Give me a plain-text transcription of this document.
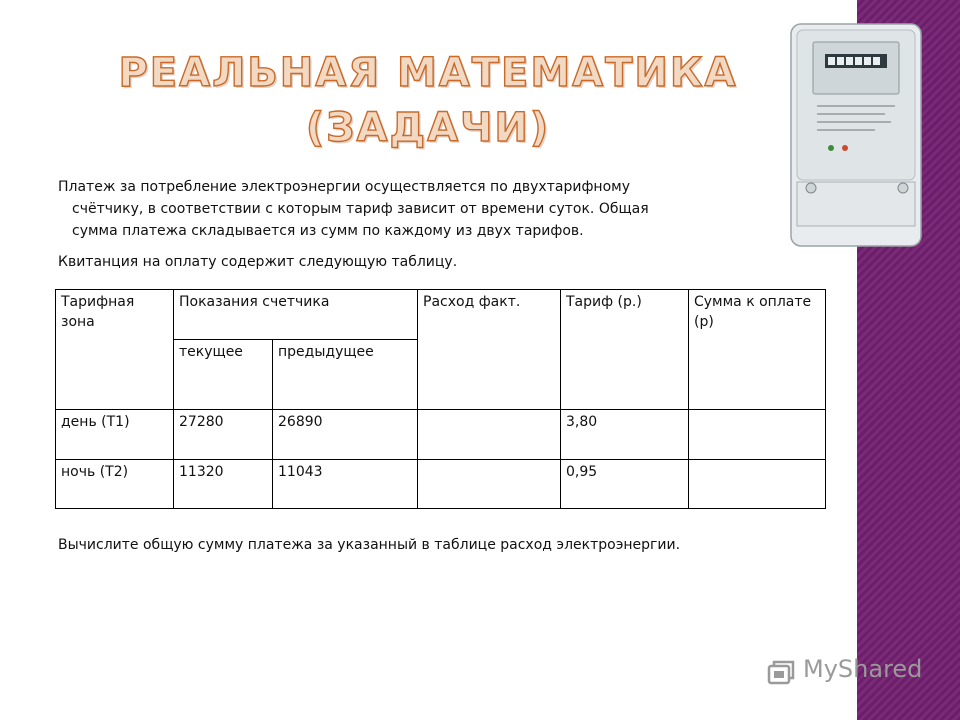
РЕАЛЬНАЯ МАТЕМАТИКА
(ЗАДАЧИ)
Платеж за потребление электроэнергии осуществляется по двухтарифному
счётчику, в соответствии с которым тариф зависит от времени суток. Общая
сумма платежа складывается из сумм по каждому из двух тарифов.
Квитанция на оплату содержит следующую таблицу.
Тарифная зона	Показания счетчика		Расход факт.	Тариф (р.)	Сумма к оплате (р)
	текущее	предыдущее			
день (Т1)	27280	26890		3,80	
ночь (Т2)	11320	11043		0,95	
Вычислите общую сумму платежа за указанный в таблице расход электроэнергии.
MyShared
